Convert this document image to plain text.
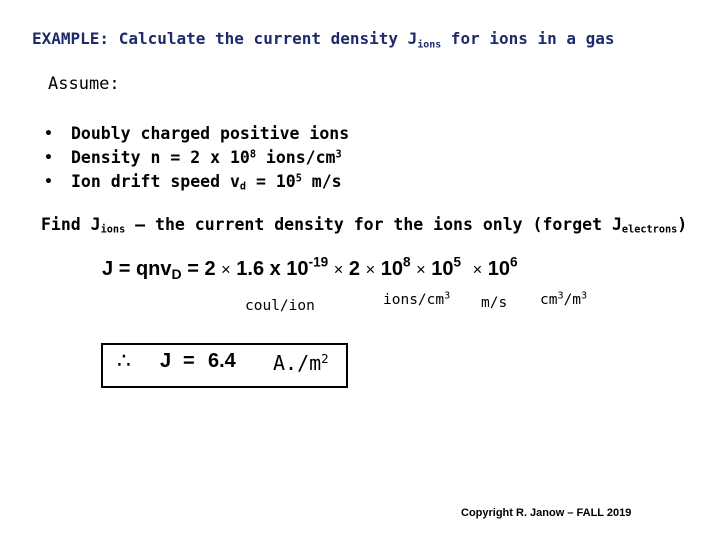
EXAMPLE: Calculate the current density $J_{ions}$ for ions in a gas
Assume:
• Doubly charged positive ions
• Density n = 2 x $10^8$ ions/$cm^3$
• Ion drift speed $v_d = 10^5$ m/s
Find $J_{ions}$ – the current density for the ions only (forget $J_{electrons}$)
J = qnv$_D$ = 2 × 1.6 x $10^{-19} \times 2 \times 10^8 \times 10^5 \times 10^6$
coul/ion	ions/$cm^3$ m/s $cm^3/m^3$
∴ J = 6.4 $A./m^2$
Copyright R. Janow – FALL 2019
